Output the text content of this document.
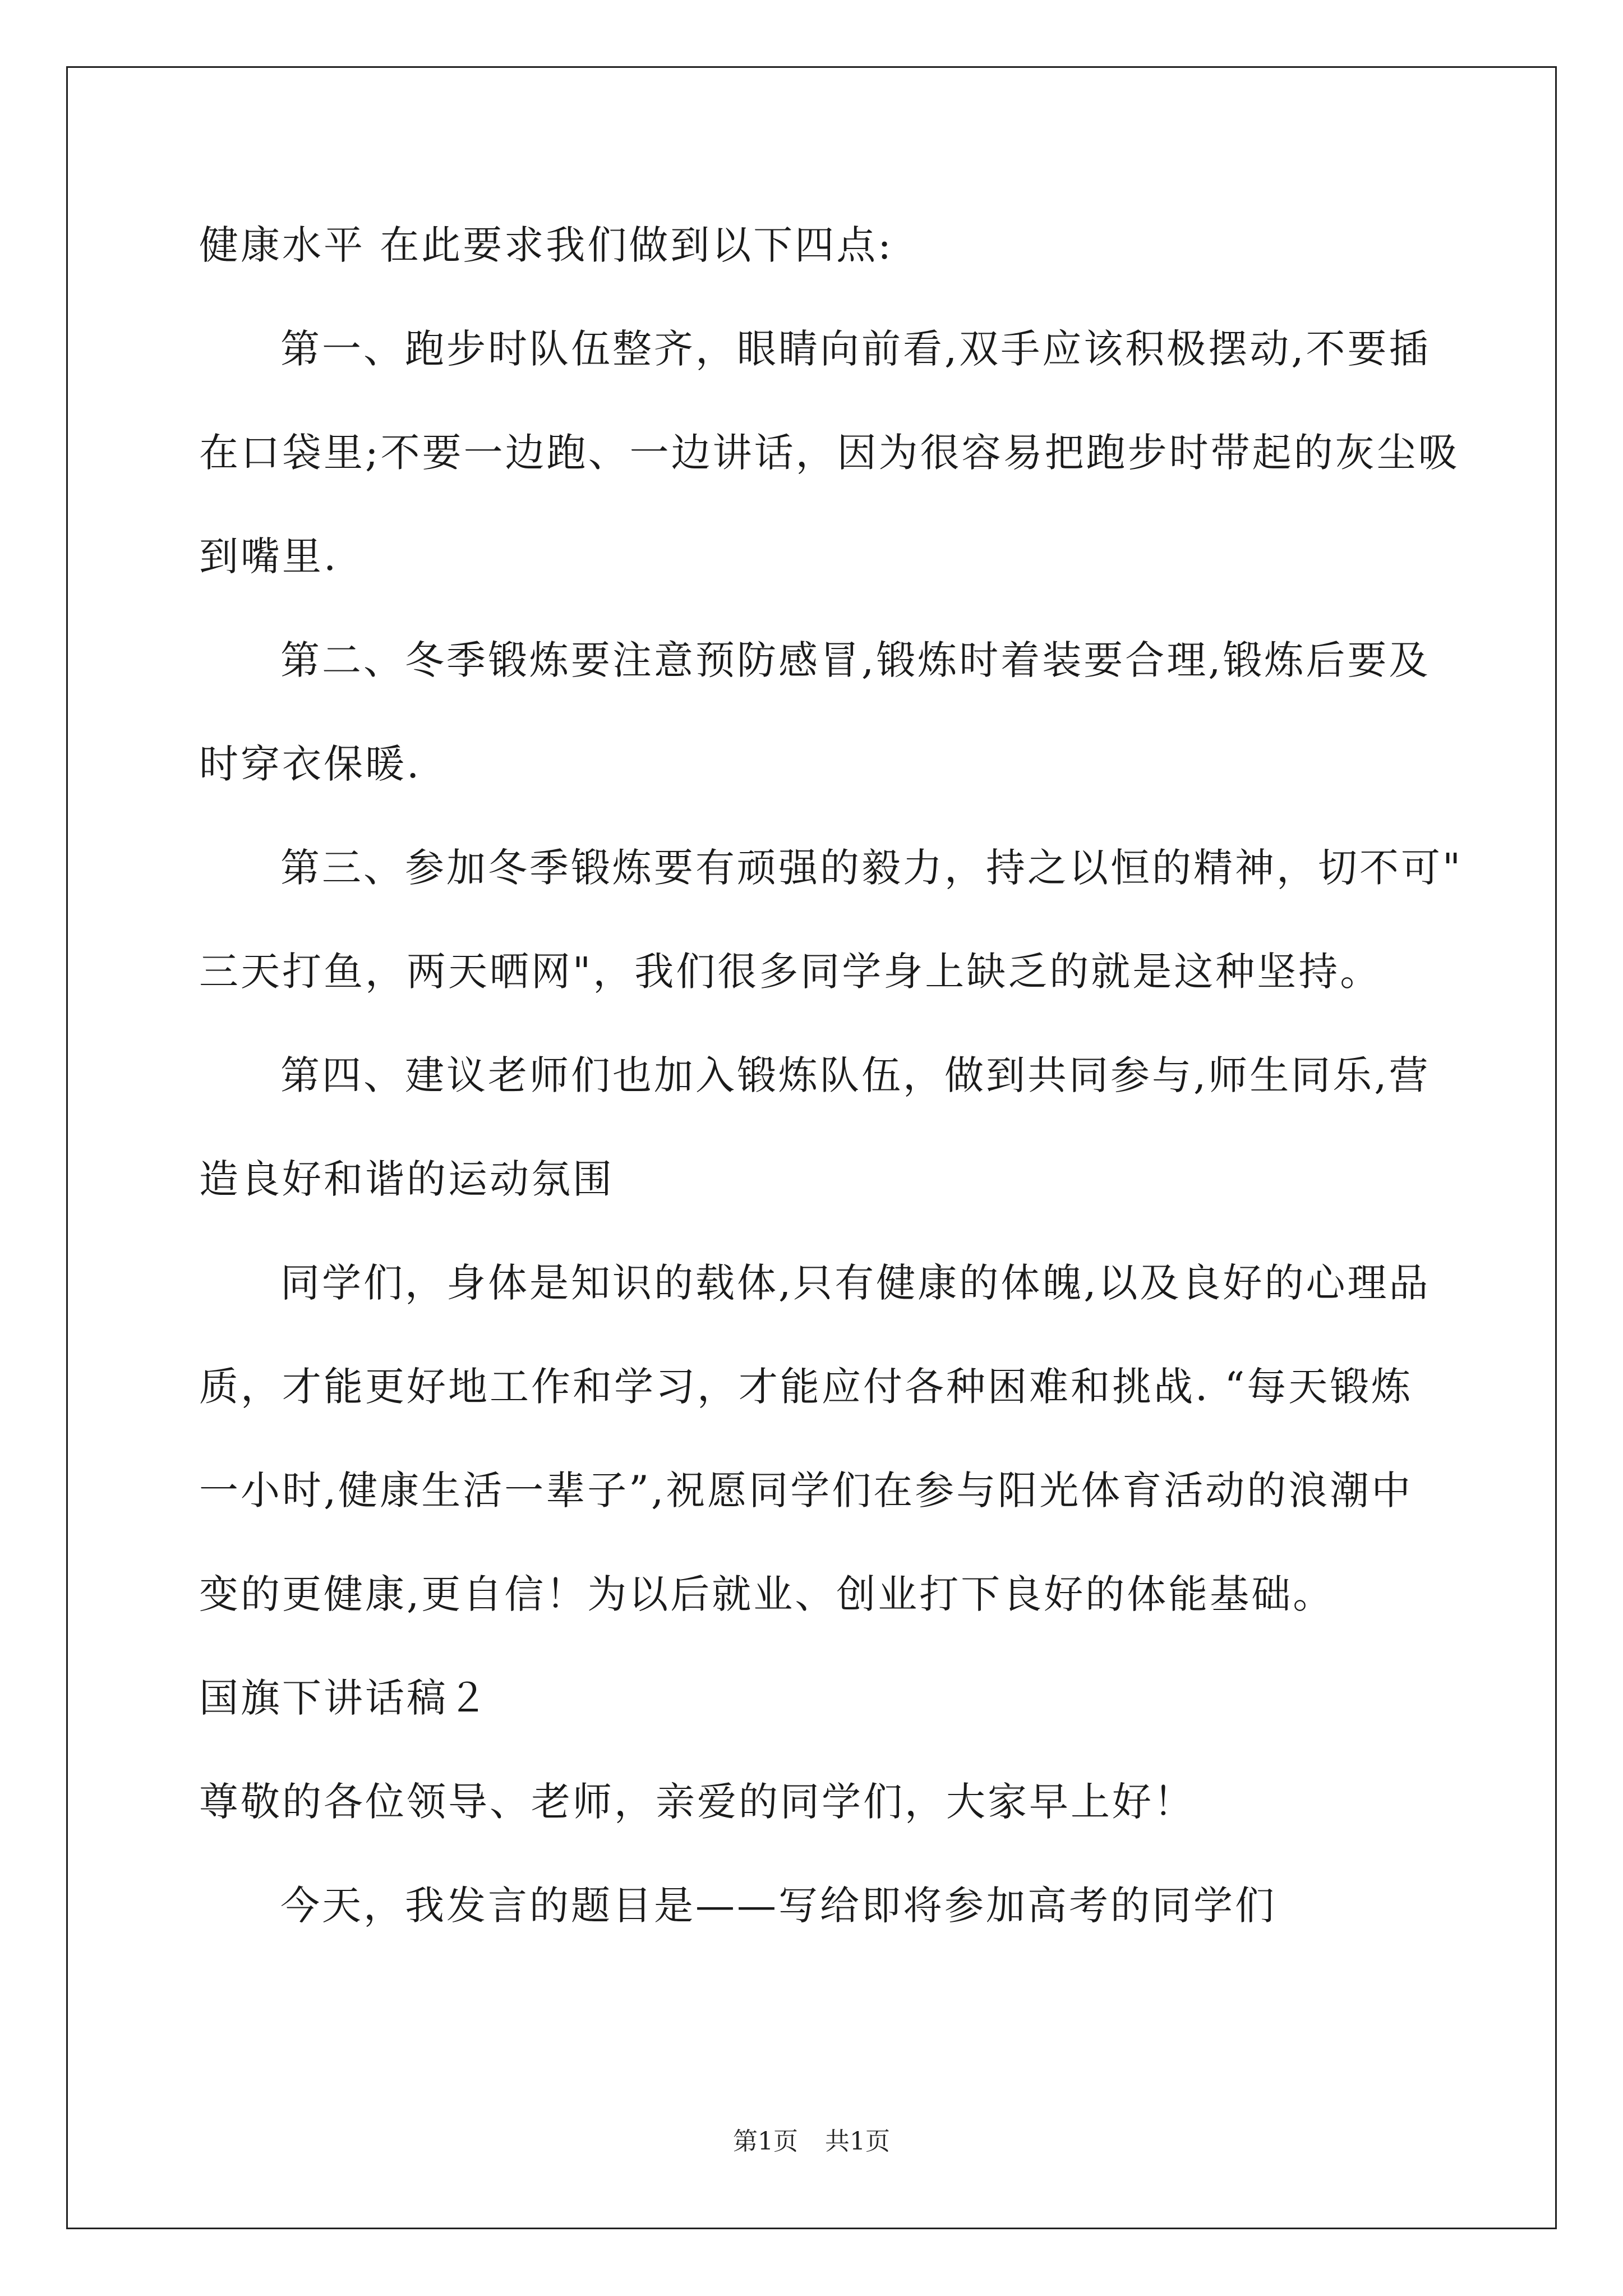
健康水平 在此要求我们做到以下四点:
第一、跑步时队伍整齐，眼睛向前看,双手应该积极摆动,不要插
在口袋里;不要一边跑、一边讲话，因为很容易把跑步时带起的灰尘吸
到嘴里.
第二、冬季锻炼要注意预防感冒,锻炼时着装要合理,锻炼后要及
时穿衣保暖.
第三、参加冬季锻炼要有顽强的毅力，持之以恒的精神，切不可"
三天打鱼，两天晒网"，我们很多同学身上缺乏的就是这种坚持。
第四、建议老师们也加入锻炼队伍，做到共同参与,师生同乐,营
造良好和谐的运动氛围
同学们，身体是知识的载体,只有健康的体魄,以及良好的心理品
质，才能更好地工作和学习，才能应付各种困难和挑战. “每天锻炼
一小时,健康生活一辈子”,祝愿同学们在参与阳光体育活动的浪潮中
变的更健康,更自信！为以后就业、创业打下良好的体能基础。
国旗下讲话稿２
尊敬的各位领导、老师，亲爱的同学们，大家早上好！
今天，我发言的题目是——写给即将参加高考的同学们
第1页 共1页
